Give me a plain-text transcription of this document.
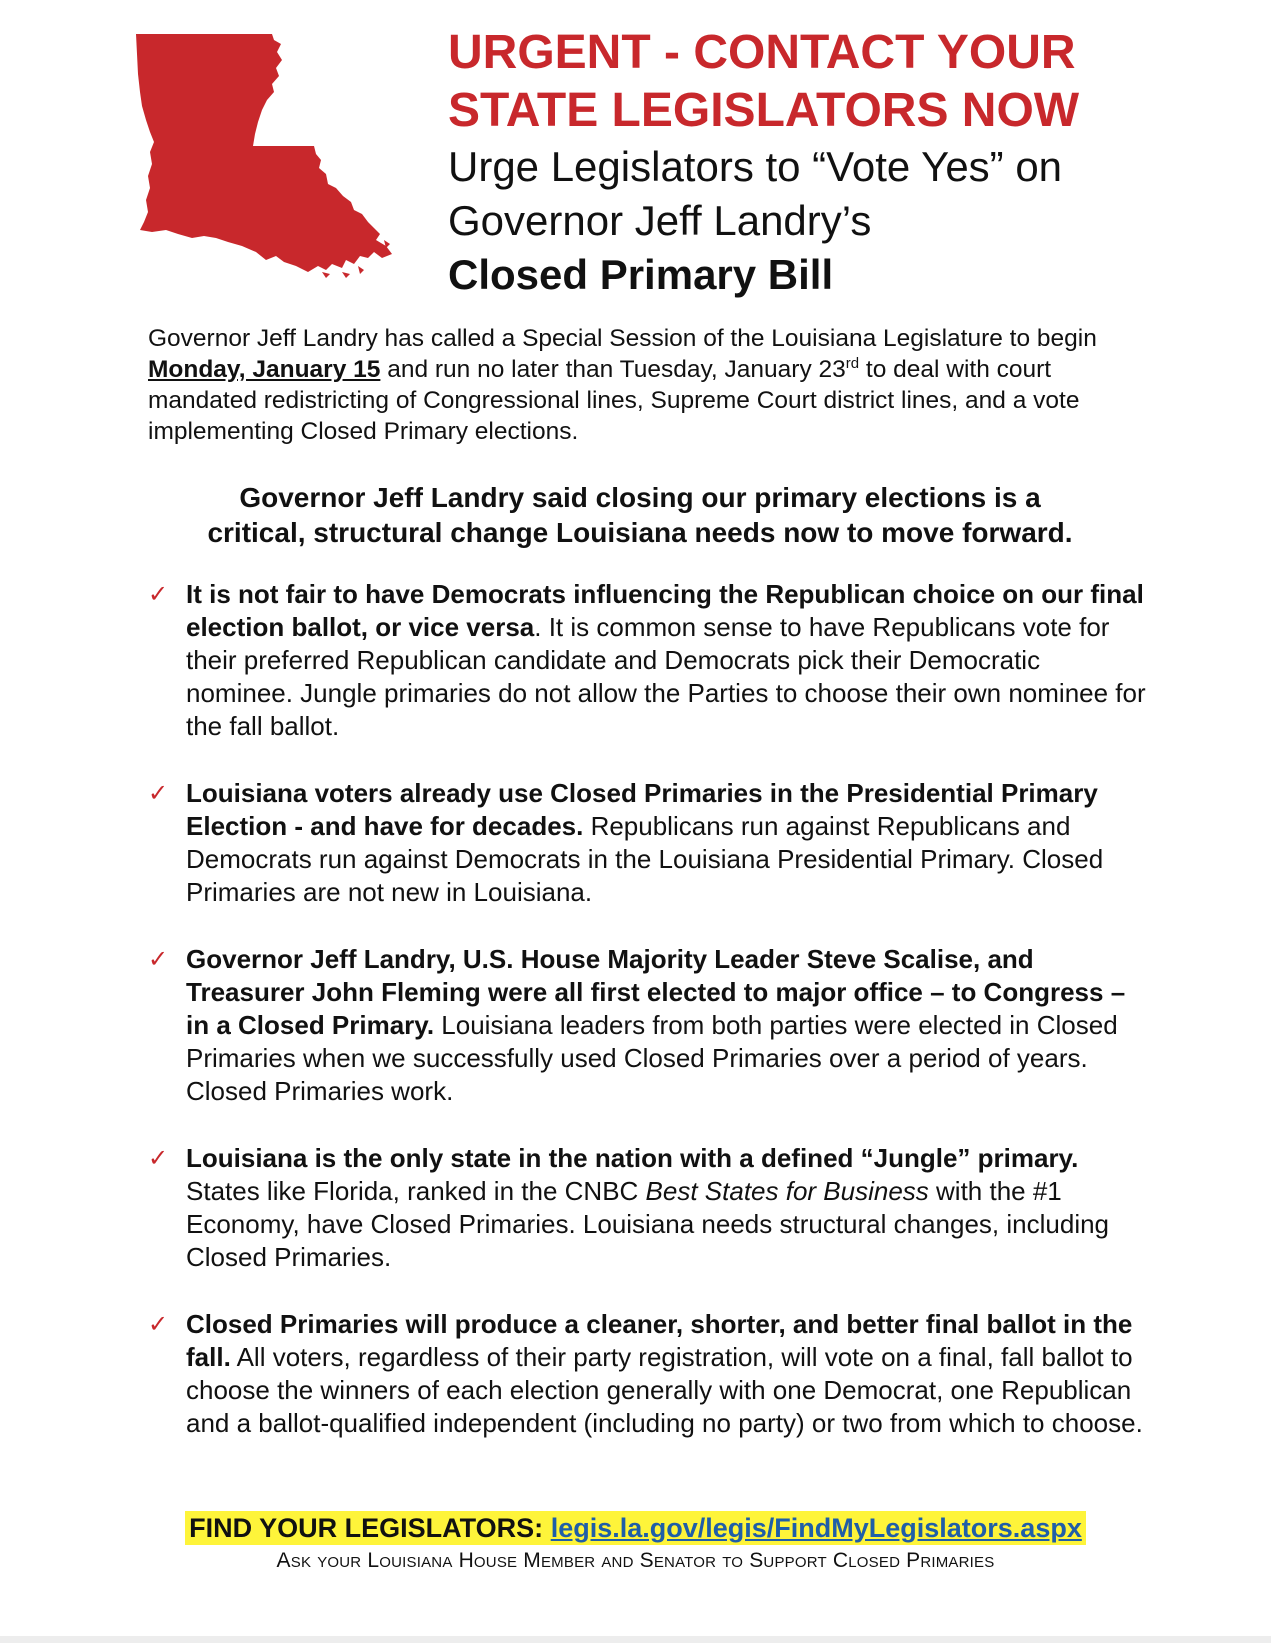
URGENT - CONTACT YOUR

STATE LEGISLATORS NOW

Urge Legislators to “Vote Yes” on

Governor Jeff Landry’s

Closed Primary Bill

Governor Jeff Landry has called a Special Session of the Louisiana Legislature to begin Monday, January 15 and run no later than Tuesday, January 23rd to deal with court mandated redistricting of Congressional lines, Supreme Court district lines, and a vote implementing Closed Primary elections.
Governor Jeff Landry said closing our primary elections is a
critical, structural change Louisiana needs now to move forward.
✓ It is not fair to have Democrats influencing the Republican choice on our final election ballot, or vice versa. It is common sense to have Republicans vote for their preferred Republican candidate and Democrats pick their Democratic nominee. Jungle primaries do not allow the Parties to choose their own nominee for the fall ballot.
✓ Louisiana voters already use Closed Primaries in the Presidential Primary Election - and have for decades. Republicans run against Republicans and Democrats run against Democrats in the Louisiana Presidential Primary. Closed Primaries are not new in Louisiana.
✓ Governor Jeff Landry, U.S. House Majority Leader Steve Scalise, and Treasurer John Fleming were all first elected to major office – to Congress – in a Closed Primary. Louisiana leaders from both parties were elected in Closed Primaries when we successfully used Closed Primaries over a period of years. Closed Primaries work.
✓ Louisiana is the only state in the nation with a defined “Jungle” primary. States like Florida, ranked in the CNBC Best States for Business with the #1 Economy, have Closed Primaries. Louisiana needs structural changes, including Closed Primaries.
✓ Closed Primaries will produce a cleaner, shorter, and better final ballot in the fall. All voters, regardless of their party registration, will vote on a final, fall ballot to choose the winners of each election generally with one Democrat, one Republican and a ballot-qualified independent (including no party) or two from which to choose.
FIND YOUR LEGISLATORS: legis.la.gov/legis/FindMyLegislators.aspx
Ask your Louisiana House Member and Senator to Support Closed Primaries
